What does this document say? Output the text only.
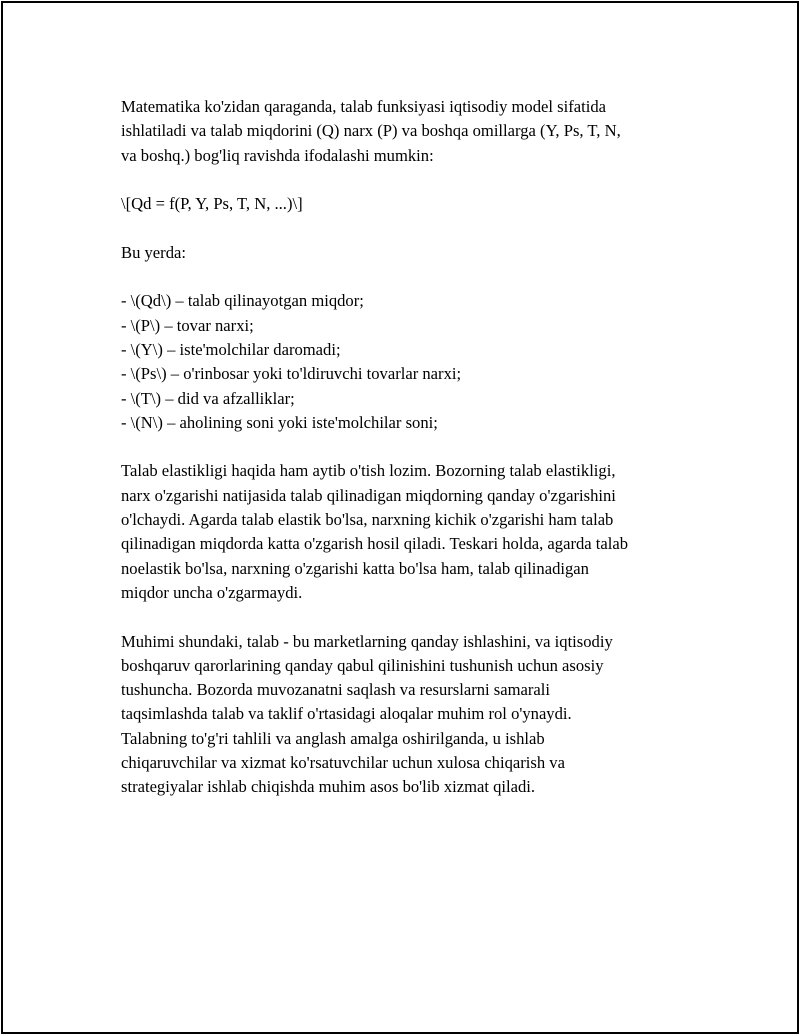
Matematika ko'zidan qaraganda, talab funksiyasi iqtisodiy model sifatida
ishlatiladi va talab miqdorini (Q) narx (P) va boshqa omillarga (Y, Ps, T, N,
va boshq.) bog'liq ravishda ifodalashi mumkin:

\[Qd = f(P, Y, Ps, T, N, ...)\]

Bu yerda:

- \(Qd\) – talab qilinayotgan miqdor;

- \(P\) – tovar narxi;

- \(Y\) – iste'molchilar daromadi;

- \(Ps\) – o'rinbosar yoki to'ldiruvchi tovarlar narxi;

- \(T\) – did va afzalliklar;

- \(N\) – aholining soni yoki iste'molchilar soni;

Talab elastikligi haqida ham aytib o'tish lozim. Bozorning talab elastikligi,
narx o'zgarishi natijasida talab qilinadigan miqdorning qanday o'zgarishini
o'lchaydi. Agarda talab elastik bo'lsa, narxning kichik o'zgarishi ham talab
qilinadigan miqdorda katta o'zgarish hosil qiladi. Teskari holda, agarda talab
noelastik bo'lsa, narxning o'zgarishi katta bo'lsa ham, talab qilinadigan
miqdor uncha o'zgarmaydi.

Muhimi shundaki, talab - bu marketlarning qanday ishlashini, va iqtisodiy
boshqaruv qarorlarining qanday qabul qilinishini tushunish uchun asosiy
tushuncha. Bozorda muvozanatni saqlash va resurslarni samarali
taqsimlashda talab va taklif o'rtasidagi aloqalar muhim rol o'ynaydi.
Talabning to'g'ri tahlili va anglash amalga oshirilganda, u ishlab
chiqaruvchilar va xizmat ko'rsatuvchilar uchun xulosa chiqarish va
strategiyalar ishlab chiqishda muhim asos bo'lib xizmat qiladi.
